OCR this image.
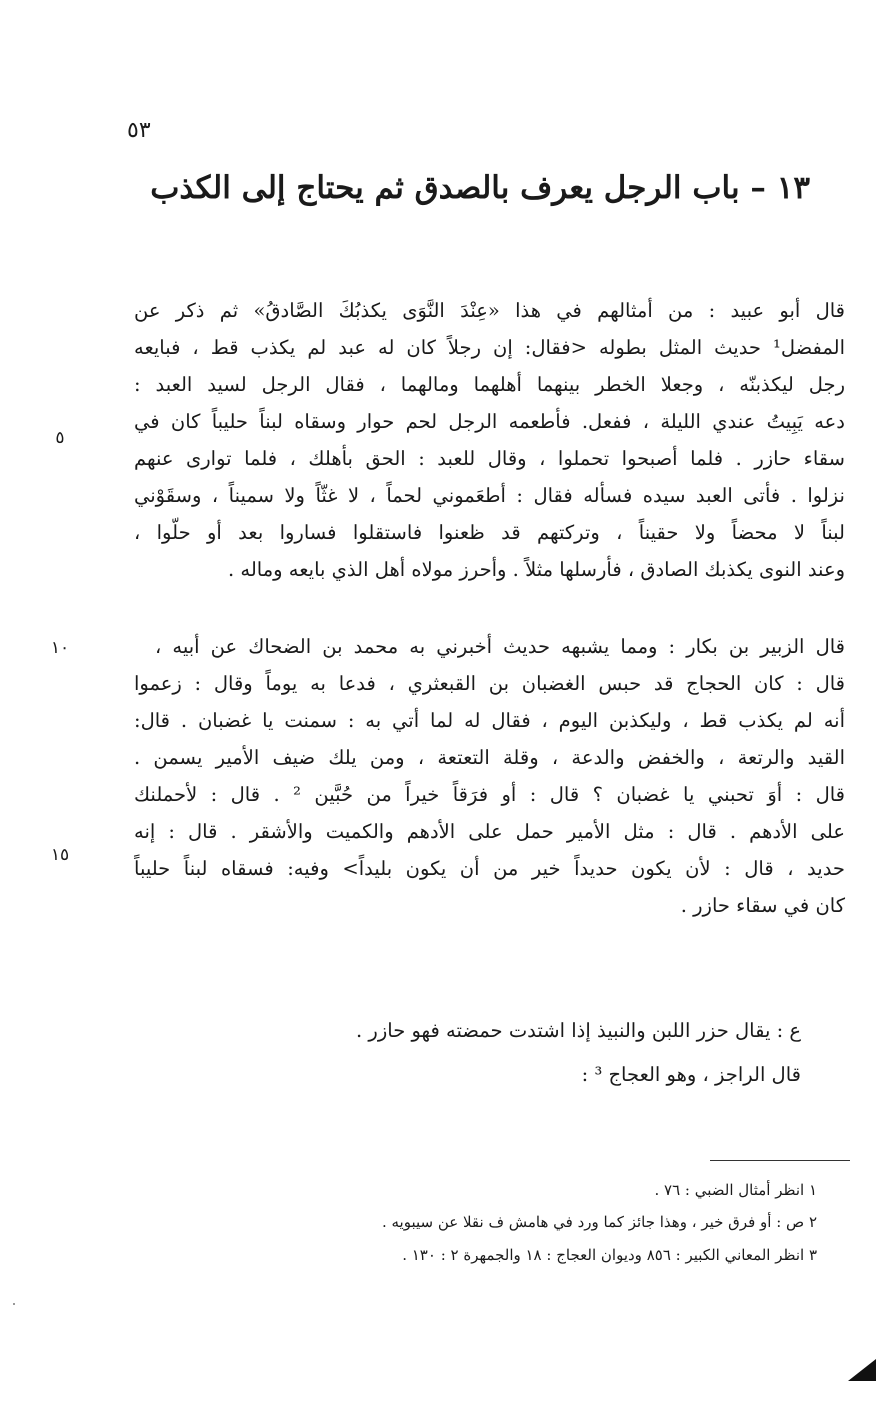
٥٣
١٣ – باب الرجل يعرف بالصدق ثم يحتاج إلى الكذب
قال أبو عبيد : من أمثالهم في هذا «عِنْدَ النَّوَى يكذبُكَ الصَّادقُ» ثم ذكر عن
المفضل¹ حديث المثل بطوله <فقال: إن رجلاً كان له عبد لم يكذب قط ، فبايعه
رجل ليكذبنّه ، وجعلا الخطر بينهما أهلهما ومالهما ، فقال الرجل لسيد العبد :
دعه يَبِيتُ عندي الليلة ، ففعل. فأطعمه الرجل لحم حوار وسقاه لبناً حليباً كان في
سقاء حازر . فلما أصبحوا تحملوا ، وقال للعبد : الحق بأهلك ، فلما توارى عنهم
نزلوا . فأتى العبد سيده فسأله فقال : أطعَموني لحماً ، لا غثّاً ولا سميناً ، وسقَوْني
لبناً لا محضاً ولا حقيناً ، وتركتهم قد ظعنوا فاستقلوا فساروا بعد أو حلّوا ،
وعند النوى يكذبك الصادق ، فأرسلها مثلاً . وأحرز مولاه أهل الذي بايعه وماله .
قال الزبير بن بكار : ومما يشبهه حديث أخبرني به محمد بن الضحاك عن أبيه ،
قال : كان الحجاج قد حبس الغضبان بن القبعثري ، فدعا به يوماً وقال : زعموا
أنه لم يكذب قط ، وليكذبن اليوم ، فقال له لما أتي به : سمنت يا غضبان . قال:
القيد والرتعة ، والخفض والدعة ، وقلة التعتعة ، ومن يلك ضيف الأمير يسمن .
قال : أوَ تحبني يا غضبان ؟ قال : أو فرَقاً خيراً من حُبَّين ² . قال : لأحملنك
على الأدهم . قال : مثل الأمير حمل على الأدهم والكميت والأشقر . قال : إنه
حديد ، قال : لأن يكون حديداً خير من أن يكون بليداً> وفيه: فسقاه لبناً حليباً
كان في سقاء حازر .
٥
١٠
١٥
ع : يقال حزر اللبن والنبيذ إذا اشتدت حمضته فهو حازر .
قال الراجز ، وهو العجاج ³ :
١ انظر أمثال الضبي : ٧٦ .
٢ ص : أو فرق خير ، وهذا جائز كما ورد في هامش ف نقلا عن سيبويه .
٣ انظر المعاني الكبير : ٨٥٦ وديوان العجاج : ١٨ والجمهرة ٢ : ١٣٠ .
